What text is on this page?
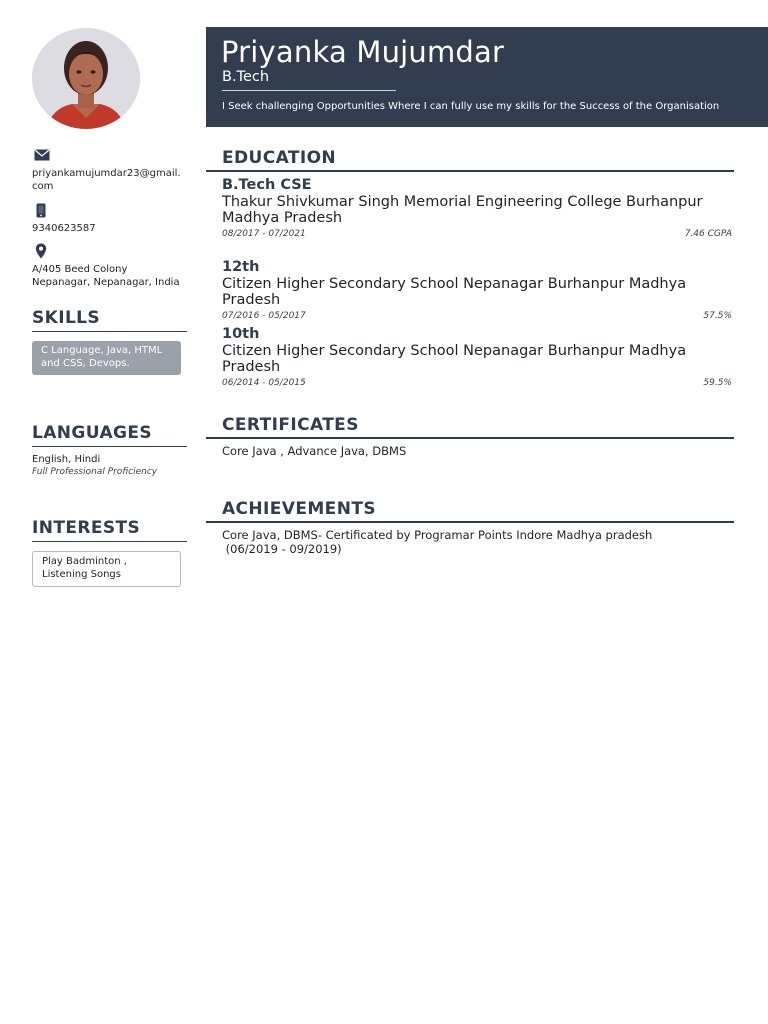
Priyanka Mujumdar
B.Tech
I Seek challenging Opportunities Where I can fully use my skills for the Success of the Organisation
priyankamujumdar23@gmail.
com
9340623587
A/405 Beed Colony
Nepanagar, Nepanagar, India
SKILLS
C Language, Java, HTML
and CSS, Devops.
LANGUAGES
English, Hindi
Full Professional Proficiency
INTERESTS
Play Badminton ,
Listening Songs
EDUCATION
B.Tech CSE
Thakur Shivkumar Singh Memorial Engineering College Burhanpur
Madhya Pradesh
08/2017 - 07/2021	7.46 CGPA
12th
Citizen Higher Secondary School Nepanagar Burhanpur Madhya Pradesh
07/2016 - 05/2017	57.5%
10th
Citizen Higher Secondary School Nepanagar Burhanpur Madhya Pradesh
06/2014 - 05/2015	59.5%
CERTIFICATES
Core Java , Advance Java, DBMS
ACHIEVEMENTS
Core Java, DBMS- Certificated by Programar Points Indore Madhya pradesh
(06/2019 - 09/2019)
